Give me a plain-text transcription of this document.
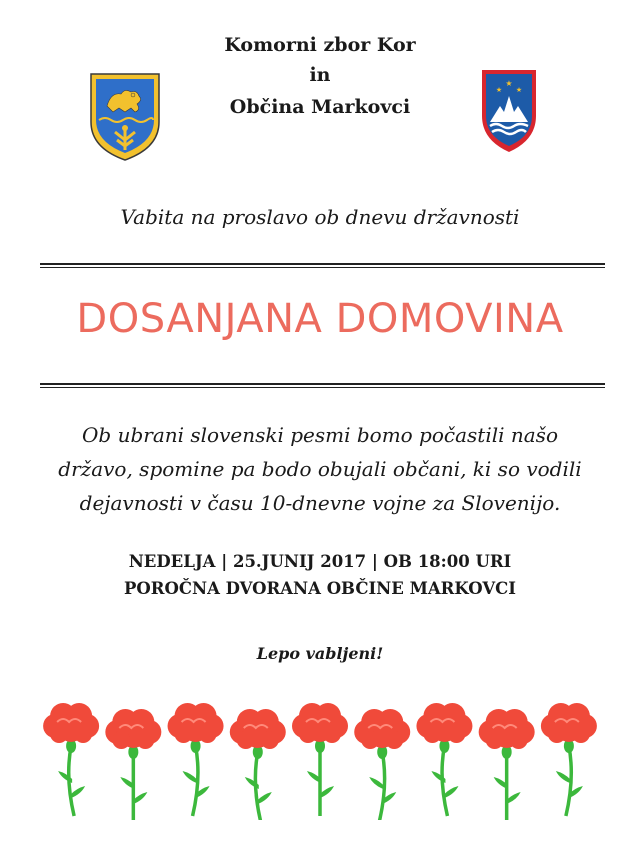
Komorni zbor Kor
in
Občina Markovci
★
★ ★
Vabita na proslavo ob dnevu državnosti
DOSANJANA DOMOVINA
Ob ubrani slovenski pesmi bomo počastili našo
državo, spomine pa bodo obujali občani, ki so vodili
dejavnosti v času 10-dnevne vojne za Slovenijo.
NEDELJA | 25.JUNIJ 2017 | OB 18:00 URI
POROČNA DVORANA OBČINE MARKOVCI
Lepo vabljeni!
